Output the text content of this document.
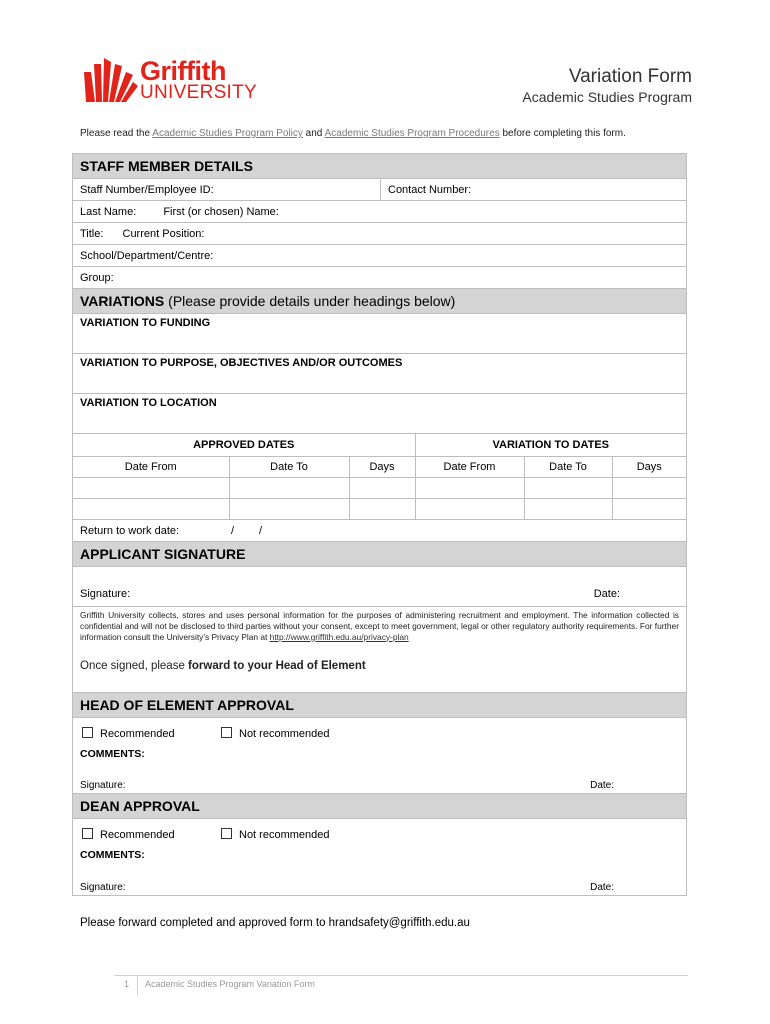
Griffith
UNIVERSITY
Variation Form
Academic Studies Program
Please read the Academic Studies Program Policy and Academic Studies Program Procedures before completing this form.
STAFF MEMBER DETAILS
Staff Number/Employee ID:	Contact Number:
Last Name: First (or chosen) Name:
Title: Current Position:
School/Department/Centre:
Group:
VARIATIONS (Please provide details under headings below)
VARIATION TO FUNDING
VARIATION TO PURPOSE, OBJECTIVES AND/OR OUTCOMES
VARIATION TO LOCATION
APPROVED DATES			VARIATION TO DATES		
Date From	Date To	Days	Date From	Date To	Days

Return to work date:	/ /
APPLICANT SIGNATURE
Signature:	Date:
Griffith University collects, stores and uses personal information for the purposes of administering recruitment and employment. The information collected is confidential and will not be disclosed to third parties without your consent, except to meet government, legal or other regulatory authority requirements. For further information consult the University's Privacy Plan at http://www.griffith.edu.au/privacy-plan
Once signed, please forward to your Head of Element
HEAD OF ELEMENT APPROVAL
Recommended	Not recommended
COMMENTS:
Signature:	Date:
DEAN APPROVAL
Recommended	Not recommended
COMMENTS:
Signature:	Date:
Please forward completed and approved form to hrandsafety@griffith.edu.au
1 Academic Studies Program Variation Form
